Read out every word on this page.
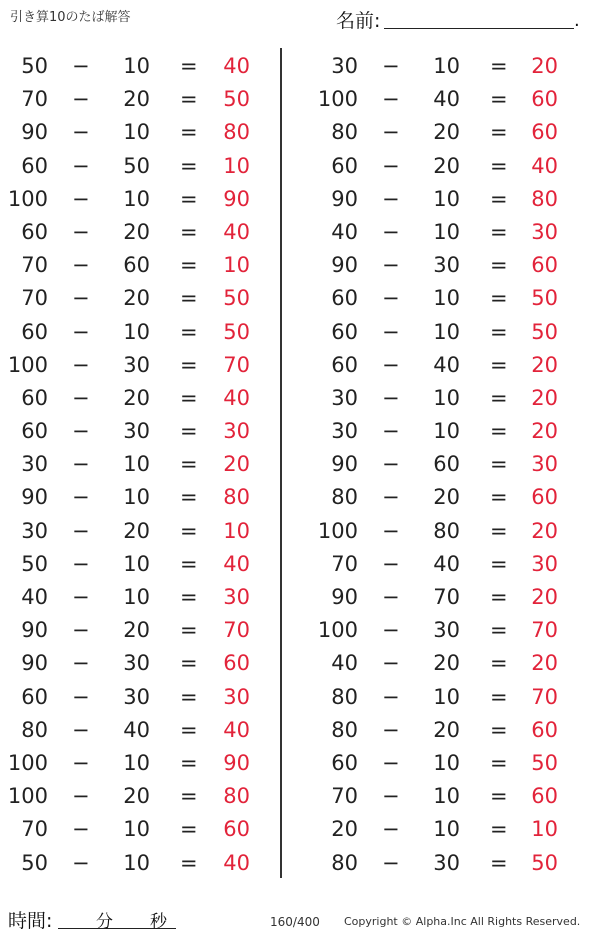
引き算10のたば解答	名前:	.
50 −	10 =	40
70 −	20 =	50
90 −	10 =	80
60 −	50 =	10
100 −	10 =	90
60 −	20 =	40
70 −	60 =	10
70 −	20 =	50
60 −	10 =	50
100 −	30 =	70
60 −	20 =	40
60 −	30 =	30
30 −	10 =	20
90 −	10 =	80
30 −	20 =	10
50 −	10 =	40
40 −	10 =	30
90 −	20 =	70
90 −	30 =	60
60 −	30 =	30
80 −	40 =	40
100 −	10 =	90
100 −	20 =	80
70 −	10 =	60
50 −	10 =	40
30 −	10 =	20
100 −	40 =	60
80 −	20 =	60
60 −	20 =	40
90 −	10 =	80
40 −	10 =	30
90 −	30 =	60
60 −	10 =	50
60 −	10 =	50
60 −	40 =	20
30 −	10 =	20
30 −	10 =	20
90 −	60 =	30
80 −	20 =	60
100 −	80 =	20
70 −	40 =	30
90 −	70 =	20
100 −	30 =	70
40 −	20 =	20
80 −	10 =	70
80 −	20 =	60
60 −	10 =	50
70 −	10 =	60
20 −	10 =	10
80 −	30 =	50
時間:	分 秒	160/400 Copyright © Alpha.Inc All Rights Reserved.
